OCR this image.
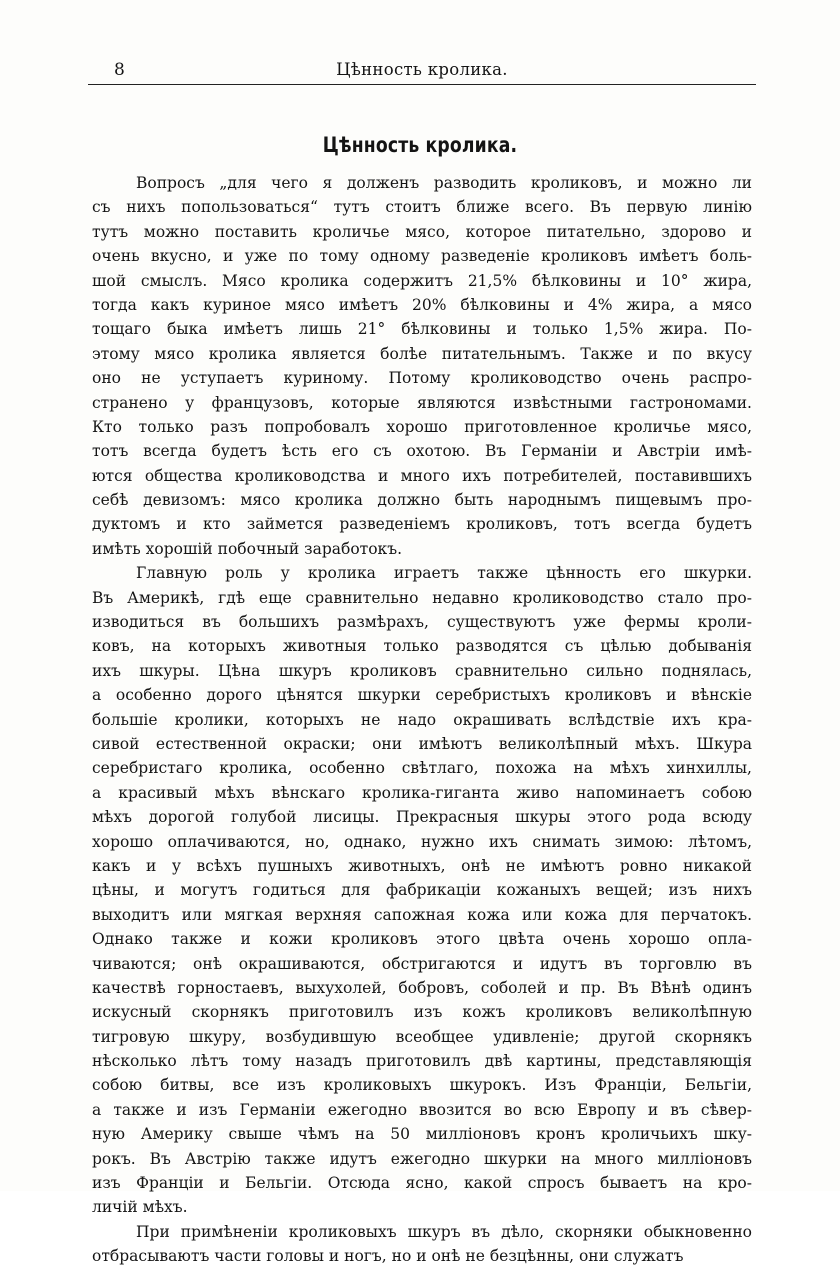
8	Цѣнность кролика.
Цѣнность кролика.
Вопросъ „для чего я долженъ разводить кроликовъ, и можно ли
съ нихъ попользоваться“ тутъ стоитъ ближе всего. Въ первую линію
тутъ можно поставить кроличье мясо, которое питательно, здорово и
очень вкусно, и уже по тому одному разведеніе кроликовъ имѣетъ боль-
шой смыслъ. Мясо кролика содержитъ 21,5% бѣлковины и 10° жира,
тогда какъ куриное мясо имѣетъ 20% бѣлковины и 4% жира, а мясо
тощаго быка имѣетъ лишь 21° бѣлковины и только 1,5% жира. По-
этому мясо кролика является болѣе питательнымъ. Также и по вкусу
оно не уступаетъ куриному. Потому кролиководство очень распро-
странено у французовъ, которые являются извѣстными гастрономами.
Кто только разъ попробовалъ хорошо приготовленное кроличье мясо,
тотъ всегда будетъ ѣсть его съ охотою. Въ Германіи и Австріи имѣ-
ются общества кролиководства и много ихъ потребителей, поставившихъ
себѣ девизомъ: мясо кролика должно быть народнымъ пищевымъ про-
дуктомъ и кто займется разведеніемъ кроликовъ, тотъ всегда будетъ
имѣть хорошій побочный заработокъ.
Главную роль у кролика играетъ также цѣнность его шкурки.
Въ Америкѣ, гдѣ еще сравнительно недавно кролиководство стало про-
изводиться въ большихъ размѣрахъ, существуютъ уже фермы кроли-
ковъ, на которыхъ животныя только разводятся съ цѣлью добыванія
ихъ шкуры. Цѣна шкуръ кроликовъ сравнительно сильно поднялась,
а особенно дорого цѣнятся шкурки серебристыхъ кроликовъ и вѣнскіе
большіе кролики, которыхъ не надо окрашивать вслѣдствіе ихъ кра-
сивой естественной окраски; они имѣютъ великолѣпный мѣхъ. Шкура
серебристаго кролика, особенно свѣтлаго, похожа на мѣхъ хинхиллы,
а красивый мѣхъ вѣнскаго кролика-гиганта живо напоминаетъ собою
мѣхъ дорогой голубой лисицы. Прекрасныя шкуры этого рода всюду
хорошо оплачиваются, но, однако, нужно ихъ снимать зимою: лѣтомъ,
какъ и у всѣхъ пушныхъ животныхъ, онѣ не имѣютъ ровно никакой
цѣны, и могутъ годиться для фабрикаціи кожаныхъ вещей; изъ нихъ
выходитъ или мягкая верхняя сапожная кожа или кожа для перчатокъ.
Однако также и кожи кроликовъ этого цвѣта очень хорошо опла-
чиваются; онѣ окрашиваются, обстригаются и идутъ въ торговлю въ
качествѣ горностаевъ, выхухолей, бобровъ, соболей и пр. Въ Вѣнѣ одинъ
искусный скорнякъ приготовилъ изъ кожъ кроликовъ великолѣпную
тигровую шкуру, возбудившую всеобщее удивленіе; другой скорнякъ
нѣсколько лѣтъ тому назадъ приготовилъ двѣ картины, представляющія
собою битвы, все изъ кроликовыхъ шкурокъ. Изъ Франціи, Бельгіи,
а также и изъ Германіи ежегодно ввозится во всю Европу и въ сѣвер-
ную Америку свыше чѣмъ на 50 милліоновъ кронъ кроличьихъ шку-
рокъ. Въ Австрію также идутъ ежегодно шкурки на много милліоновъ
изъ Франціи и Бельгіи. Отсюда ясно, какой спросъ бываетъ на кро-
личій мѣхъ.
При примѣненіи кроликовыхъ шкуръ въ дѣло, скорняки обыкновенно
отбрасываютъ части головы и ногъ, но и онѣ не безцѣнны, они служатъ
